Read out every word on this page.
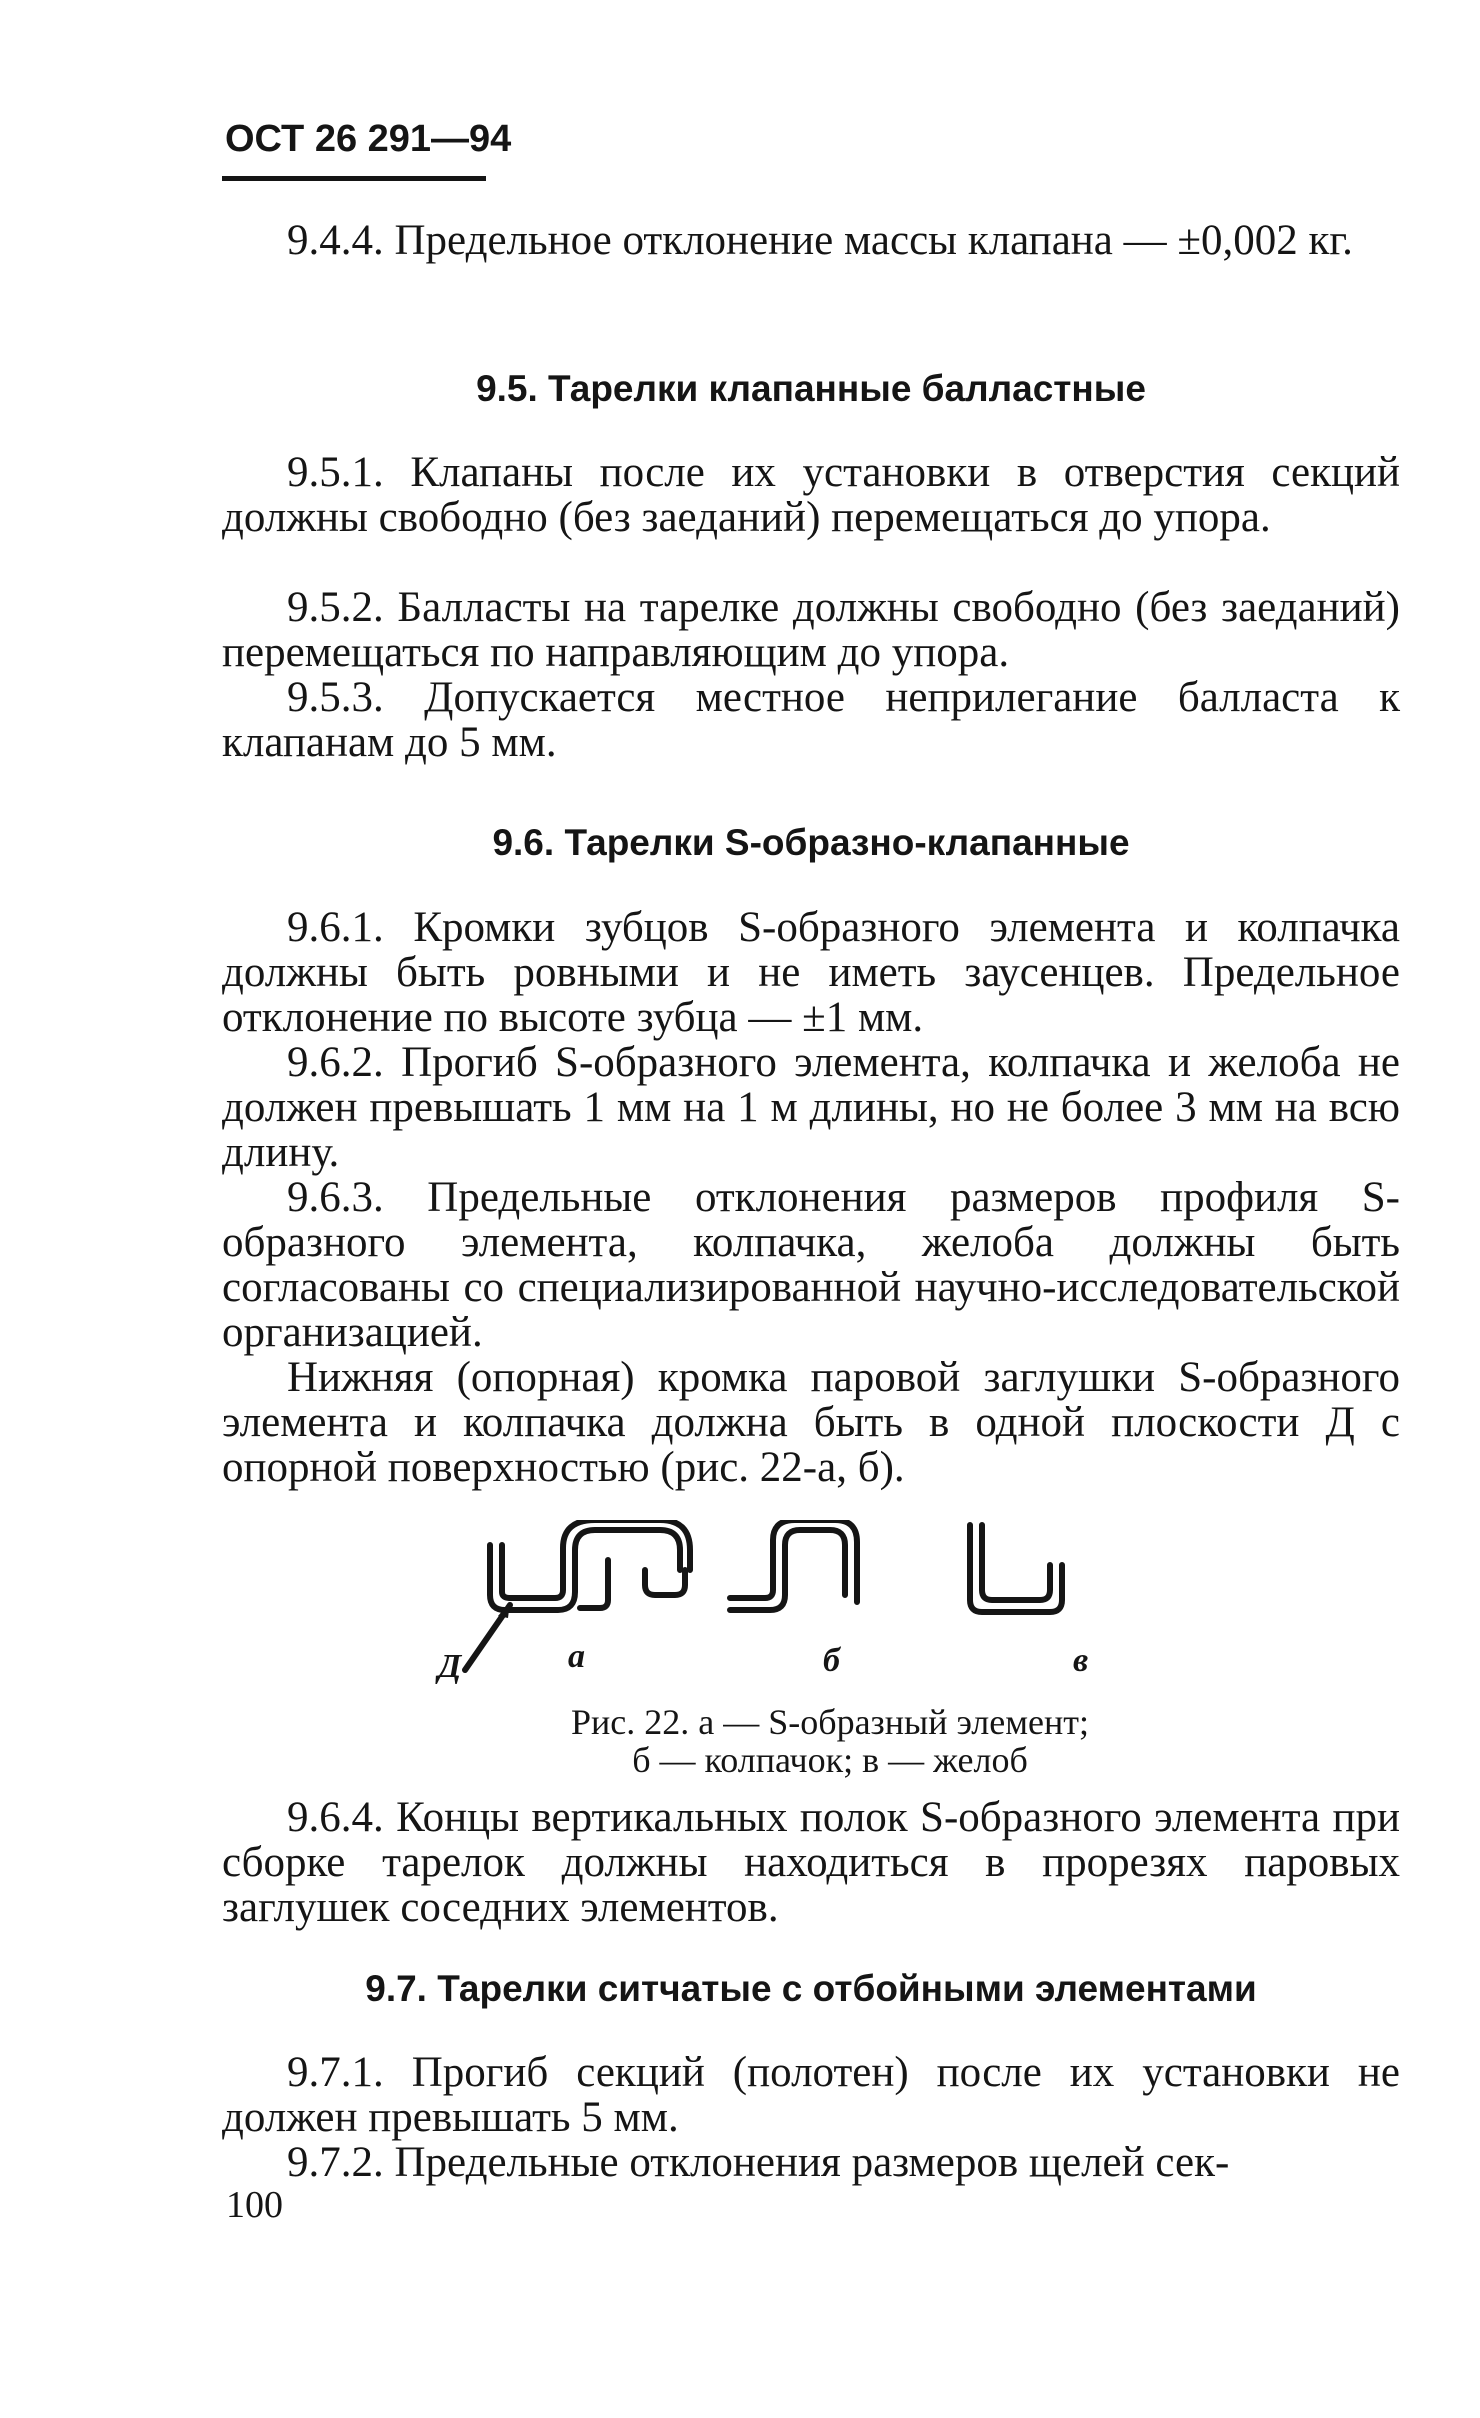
ОСТ 26 291—94

9.4.4. Предельное отклонение массы клапана — ±0,002 кг.

9.5. Тарелки клапанные балластные

9.5.1. Клапаны после их установки в отверстия секций должны свободно (без заеданий) перемещаться до упора.

9.5.2. Балласты на тарелке должны свободно (без заеданий) перемещаться по направляющим до упора.

9.5.3. Допускается местное неприлегание балласта к клапанам до 5 мм.

9.6. Тарелки S-образно-клапанные

9.6.1. Кромки зубцов S-образного элемента и колпачка должны быть ровными и не иметь заусенцев. Предельное отклонение по высоте зубца — ±1 мм.

9.6.2. Прогиб S-образного элемента, колпачка и желоба не должен превышать 1 мм на 1 м длины, но не более 3 мм на всю длину.

9.6.3. Предельные отклонения размеров профиля S-образного элемента, колпачка, желоба должны быть согласованы со специализированной научно-исследовательской организацией.

Нижняя (опорная) кромка паровой заглушки S-образного элемента и колпачка должна быть в одной плоскости Д с опорной поверхностью (рис. 22-а, б).

Д	а	б	в
Рис. 22. а — S-образный элемент;
б — колпачок; в — желоб

9.6.4. Концы вертикальных полок S-образного элемента при сборке тарелок должны находиться в прорезях паровых заглушек соседних элементов.

9.7. Тарелки ситчатые с отбойными элементами

9.7.1. Прогиб секций (полотен) после их установки не должен превышать 5 мм.

9.7.2. Предельные отклонения размеров щелей сек-

100
